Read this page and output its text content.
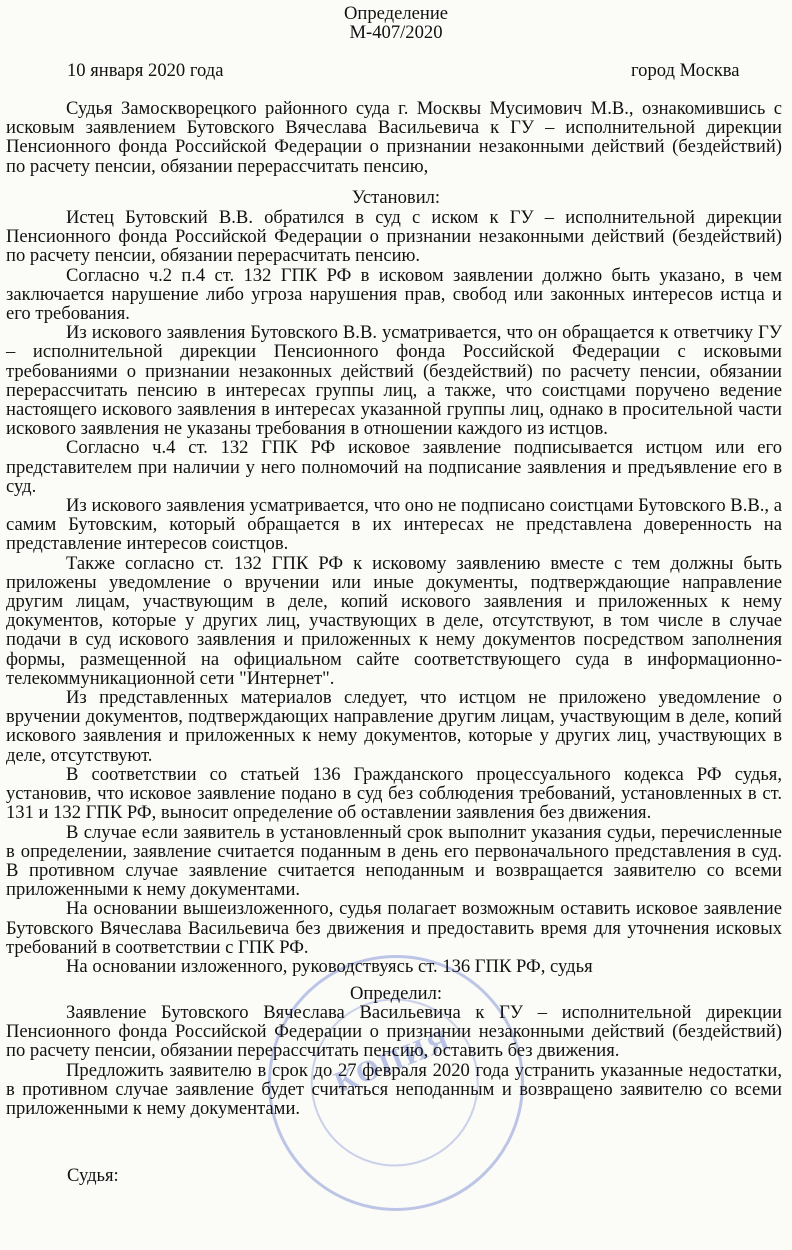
КОПИЯ
Определение
М-407/2020
10 января 2020 года	город Москва

Судья Замоскворецкого районного суда г. Москвы Мусимович М.В., ознакомившись с исковым заявлением Бутовского Вячеслава Васильевича к ГУ – исполнительной дирекции Пенсионного фонда Российской Федерации о признании незаконными действий (бездействий) по расчету пенсии, обязании перерассчитать пенсию,

Установил:

Истец Бутовский В.В. обратился в суд с иском к ГУ – исполнительной дирекции Пенсионного фонда Российской Федерации о признании незаконными действий (бездействий) по расчету пенсии, обязании перерасчитать пенсию.

Согласно ч.2 п.4 ст. 132 ГПК РФ в исковом заявлении должно быть указано, в чем заключается нарушение либо угроза нарушения прав, свобод или законных интересов истца и его требования.

Из искового заявления Бутовского В.В. усматривается, что он обращается к ответчику ГУ – исполнительной дирекции Пенсионного фонда Российской Федерации с исковыми требованиями о признании незаконных действий (бездействий) по расчету пенсии, обязании перерассчитать пенсию в интересах группы лиц, а также, что соистцами поручено ведение настоящего искового заявления в интересах указанной группы лиц, однако в просительной части искового заявления не указаны требования в отношении каждого из истцов.

Согласно ч.4 ст. 132 ГПК РФ исковое заявление подписывается истцом или его представителем при наличии у него полномочий на подписание заявления и предъявление его в суд.

Из искового заявления усматривается, что оно не подписано соистцами Бутовского В.В., а самим Бутовским, который обращается в их интересах не представлена доверенность на представление интересов соистцов.

Также согласно ст. 132 ГПК РФ к исковому заявлению вместе с тем должны быть приложены уведомление о вручении или иные документы, подтверждающие направление другим лицам, участвующим в деле, копий искового заявления и приложенных к нему документов, которые у других лиц, участвующих в деле, отсутствуют, в том числе в случае подачи в суд искового заявления и приложенных к нему документов посредством заполнения формы, размещенной на официальном сайте соответствующего суда в информационно-телекоммуникационной сети "Интернет".

Из представленных материалов следует, что истцом не приложено уведомление о вручении документов, подтверждающих направление другим лицам, участвующим в деле, копий искового заявления и приложенных к нему документов, которые у других лиц, участвующих в деле, отсутствуют.

В соответствии со статьей 136 Гражданского процессуального кодекса РФ судья, установив, что исковое заявление подано в суд без соблюдения требований, установленных в ст. 131 и 132 ГПК РФ, выносит определение об оставлении заявления без движения.

В случае если заявитель в установленный срок выполнит указания судьи, перечисленные в определении, заявление считается поданным в день его первоначального представления в суд. В противном случае заявление считается неподанным и возвращается заявителю со всеми приложенными к нему документами.

На основании вышеизложенного, судья полагает возможным оставить исковое заявление Бутовского Вячеслава Васильевича без движения и предоставить время для уточнения исковых требований в соответствии с ГПК РФ.

На основании изложенного, руководствуясь ст. 136 ГПК РФ, судья

Определил:

Заявление Бутовского Вячеслава Васильевича к ГУ – исполнительной дирекции Пенсионного фонда Российской Федерации о признании незаконными действий (бездействий) по расчету пенсии, обязании перерассчитать пенсию, оставить без движения.

Предложить заявителю в срок до 27 февраля 2020 года устранить указанные недостатки, в противном случае заявление будет считаться неподанным и возвращено заявителю со всеми приложенными к нему документами.

Судья:
